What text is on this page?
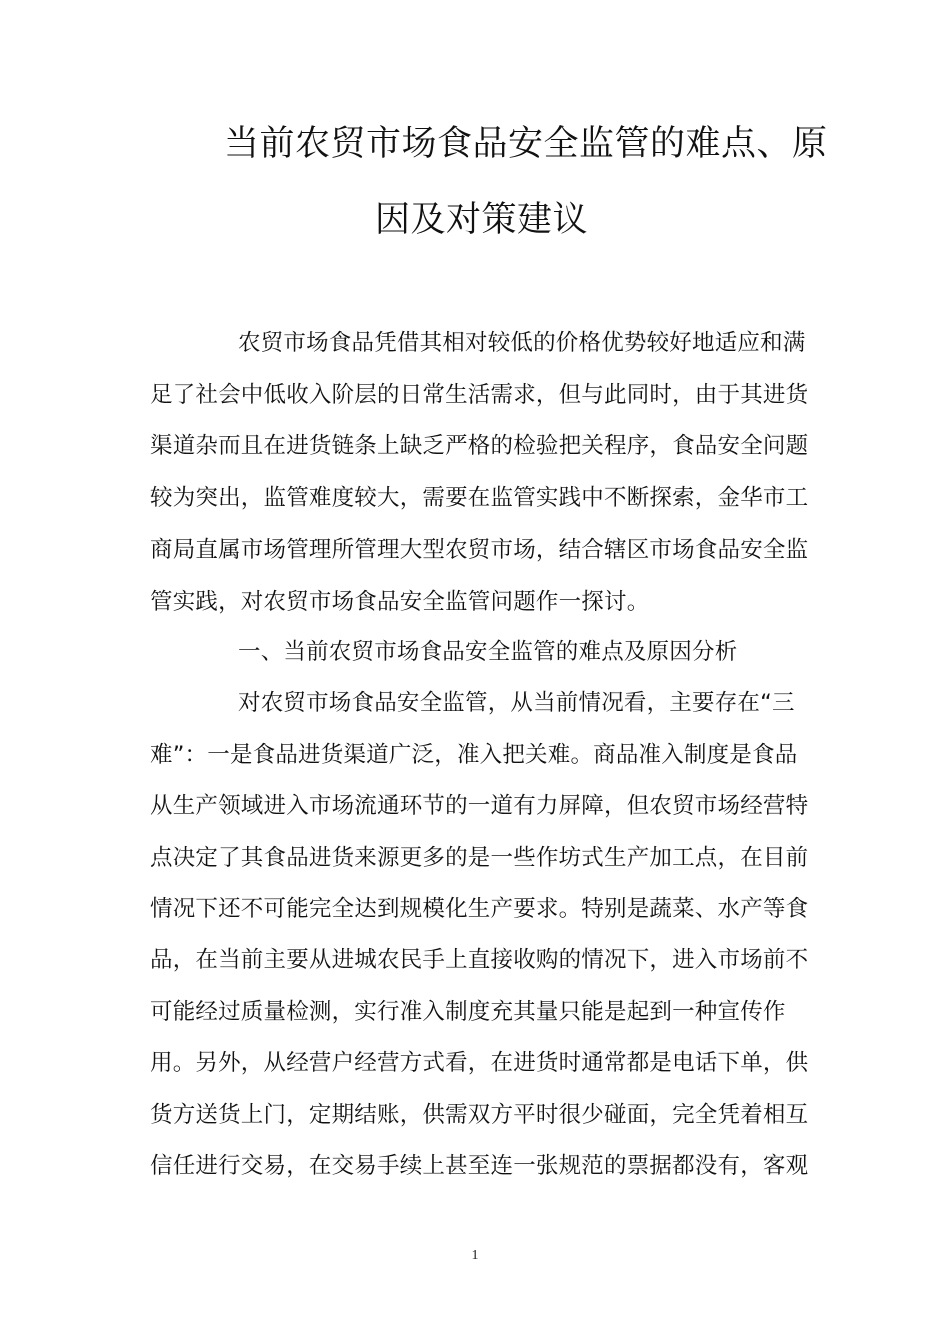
当前农贸市场食品安全监管的难点、原
因及对策建议
农贸市场食品凭借其相对较低的价格优势较好地适应和满
足了社会中低收入阶层的日常生活需求，但与此同时，由于其进货
渠道杂而且在进货链条上缺乏严格的检验把关程序，食品安全问题
较为突出，监管难度较大，需要在监管实践中不断探索，金华市工
商局直属市场管理所管理大型农贸市场，结合辖区市场食品安全监
管实践，对农贸市场食品安全监管问题作一探讨。
一、当前农贸市场食品安全监管的难点及原因分析
对农贸市场食品安全监管，从当前情况看，主要存在“三
难”：一是食品进货渠道广泛，准入把关难。商品准入制度是食品
从生产领域进入市场流通环节的一道有力屏障，但农贸市场经营特
点决定了其食品进货来源更多的是一些作坊式生产加工点，在目前
情况下还不可能完全达到规模化生产要求。特别是蔬菜、水产等食
品，在当前主要从进城农民手上直接收购的情况下，进入市场前不
可能经过质量检测，实行准入制度充其量只能是起到一种宣传作
用。另外，从经营户经营方式看，在进货时通常都是电话下单，供
货方送货上门，定期结账，供需双方平时很少碰面，完全凭着相互
信任进行交易，在交易手续上甚至连一张规范的票据都没有，客观
1
